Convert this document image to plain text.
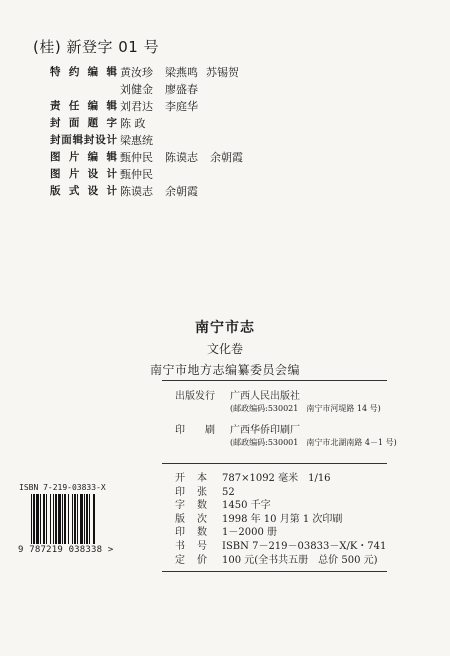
(桂) 新登字 01 号
特约编辑 黄汝珍 梁燕鸣 苏锡贺
刘健金 廖盛春
责任编辑 刘君达 李庭华
封面题字 陈 政
封面辑封设计 梁惠统
图片编辑 甄仲民 陈谟志 余朝霞
图片设计 甄仲民
版式设计 陈谟志 余朝霞
南宁市志
文化卷
南宁市地方志编纂委员会编
出版发行 广西人民出版社
(邮政编码:530021　南宁市河堤路 14 号)
印　　刷 广西华侨印刷厂
(邮政编码:530001　南宁市北湖南路 4－1 号)
开本 787×1092 毫米　1/16
印张 52
字数 1450 千字
版次 1998 年 10 月第 1 次印刷
印数 1－2000 册
书号 ISBN 7－219－03833－X/K・741
定价 100 元(全书共五册　总价 500 元)
ISBN 7-219-03833-X
9 787219 038338 >
